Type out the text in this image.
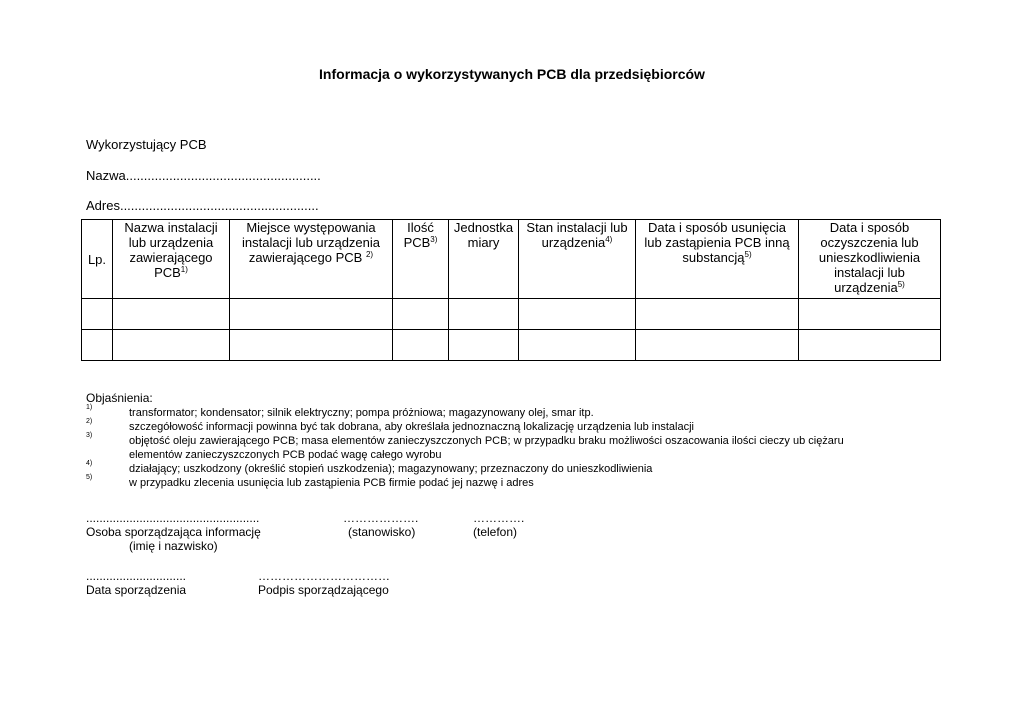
Informacja o wykorzystywanych PCB dla przedsiębiorców
Wykorzystujący PCB
Nazwa......................................................
Adres.......................................................
Lp.	Nazwa instalacji lub urządzenia zawierającego PCB$^{1)}$	Miejsce występowania instalacji lub urządzenia zawierającego PCB $^{2)}$	Ilość PCB$^{3)}$	Jednostka miary	Stan instalacji lub urządzenia$^{4)}$	Data i sposób usunięcia lub zastąpienia PCB inną substancją$^{5)}$	Data i sposób oczyszczenia lub unieszkodliwienia instalacji lub urządzenia$^{5)}$

Objaśnienia:
1)	transformator; kondensator; silnik elektryczny; pompa próżniowa; magazynowany olej, smar itp.
2)	szczegółowość informacji powinna być tak dobrana, aby określała jednoznaczną lokalizację urządzenia lub instalacji
3)	objętość oleju zawierającego PCB; masa elementów zanieczyszczonych PCB; w przypadku braku możliwości oszacowania ilości cieczy ub ciężaru
elementów zanieczyszczonych PCB podać wagę całego wyrobu
4)	działający; uszkodzony (określić stopień uszkodzenia); magazynowany; przeznaczony do unieszkodliwienia
5)	w przypadku zlecenia usunięcia lub zastąpienia PCB firmie podać jej nazwę i adres
....................................................	……………….	………….
Osoba sporządzająca informację	(stanowisko)	(telefon)
(imię i nazwisko)
..............................	……………………………
Data sporządzenia	Podpis sporządzającego
